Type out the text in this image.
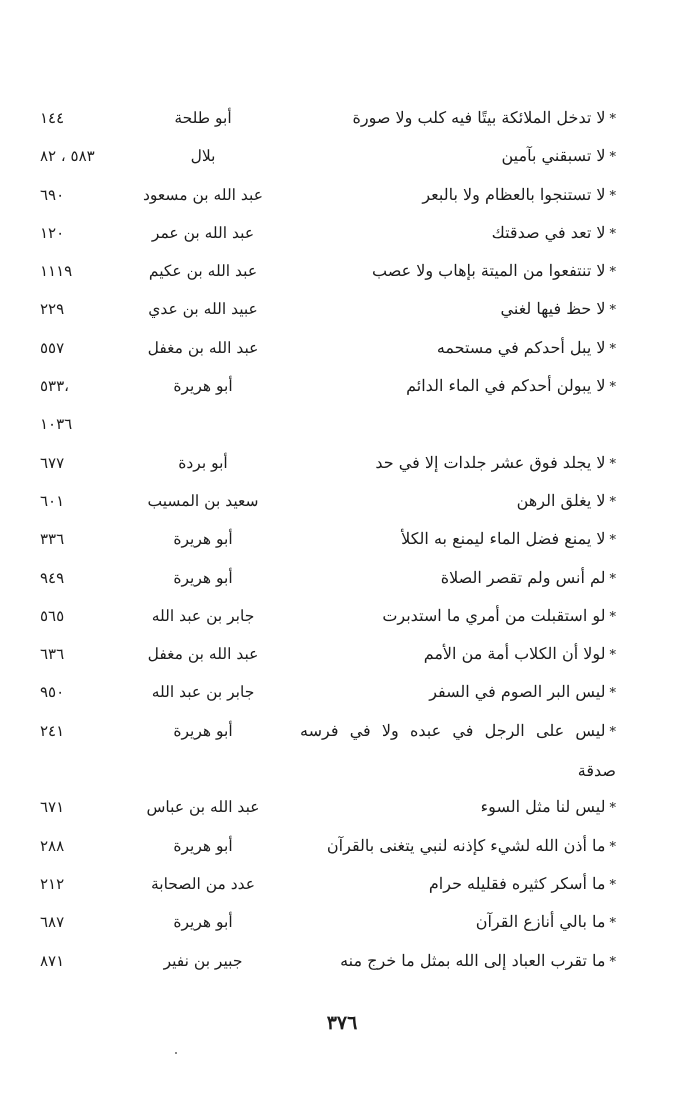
*لا تدخل الملائكة بيتًا فيه كلب ولا صورة
أبو طلحة
١٤٤
*لا تسبقني بآمين
بلال
٥٨٣ ، ٨٢
*لا تستنجوا بالعظام ولا بالبعر
عبد الله بن مسعود
٦٩٠
*لا تعد في صدقتك
عبد الله بن عمر
١٢٠
*لا تنتفعوا من الميتة بإهاب ولا عصب
عبد الله بن عكيم
١١١٩
*لا حظ فيها لغني
عبيد الله بن عدي
٢٢٩
*لا يبل أحدكم في مستحمه
عبد الله بن مغفل
٥٥٧
*لا يبولن أحدكم في الماء الدائم
أبو هريرة
٥٣٣،
١٠٣٦
*لا يجلد فوق عشر جلدات إلا في حد
أبو بردة
٦٧٧
*لا يغلق الرهن
سعيد بن المسيب
٦٠١
*لا يمنع فضل الماء ليمنع به الكلأ
أبو هريرة
٣٣٦
*لم أنس ولم تقصر الصلاة
أبو هريرة
٩٤٩
*لو استقبلت من أمري ما استدبرت
جابر بن عبد الله
٥٦٥
*لولا أن الكلاب أمة من الأمم
عبد الله بن مغفل
٦٣٦
*ليس البر الصوم في السفر
جابر بن عبد الله
٩٥٠
*ليس على الرجل في عبده ولا في فرسه صدقة
أبو هريرة
٢٤١
*ليس لنا مثل السوء
عبد الله بن عباس
٦٧١
*ما أذن الله لشيء كإذنه لنبي يتغنى بالقرآن
أبو هريرة
٢٨٨
*ما أسكر كثيره فقليله حرام
عدد من الصحابة
٢١٢
*ما بالي أنازع القرآن
أبو هريرة
٦٨٧
*ما تقرب العباد إلى الله بمثل ما خرج منه
جبير بن نفير
٨٧١
٣٧٦
